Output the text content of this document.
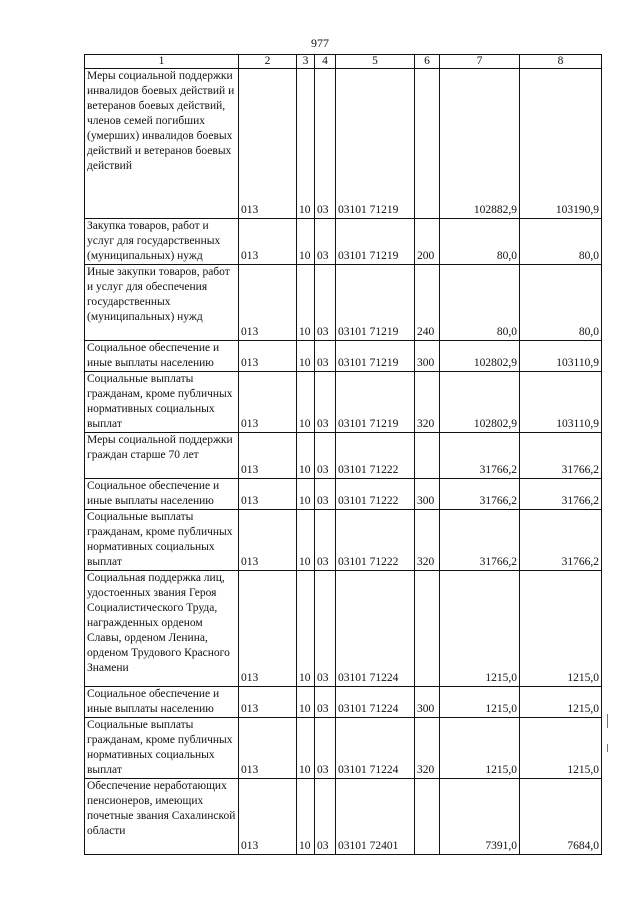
977
1	2	3	4	5	6	7	8
Меры социальной поддержки инвалидов боевых действий и ветеранов боевых действий, членов семей погибших (умерших) инвалидов боевых действий и ветеранов боевых действий	013	10	03	03101 71219		102882,9	103190,9
Закупка товаров, работ и услуг для государственных (муниципальных) нужд	013	10	03	03101 71219	200	80,0	80,0
Иные закупки товаров, работ и услуг для обеспечения государственных (муниципальных) нужд	013	10	03	03101 71219	240	80,0	80,0
Социальное обеспечение и иные выплаты населению	013	10	03	03101 71219	300	102802,9	103110,9
Социальные выплаты гражданам, кроме публичных нормативных социальных выплат	013	10	03	03101 71219	320	102802,9	103110,9
Меры социальной поддержки граждан старше 70 лет	013	10	03	03101 71222		31766,2	31766,2
Социальное обеспечение и иные выплаты населению	013	10	03	03101 71222	300	31766,2	31766,2
Социальные выплаты гражданам, кроме публичных нормативных социальных выплат	013	10	03	03101 71222	320	31766,2	31766,2
Социальная поддержка лиц, удостоенных звания Героя Социалистического Труда, награжденных орденом Славы, орденом Ленина, орденом Трудового Красного Знамени	013	10	03	03101 71224		1215,0	1215,0
Социальное обеспечение и иные выплаты населению	013	10	03	03101 71224	300	1215,0	1215,0
Социальные выплаты гражданам, кроме публичных нормативных социальных выплат	013	10	03	03101 71224	320	1215,0	1215,0
Обеспечение неработающих пенсионеров, имеющих почетные звания Сахалинской области	013	10	03	03101 72401		7391,0	7684,0
